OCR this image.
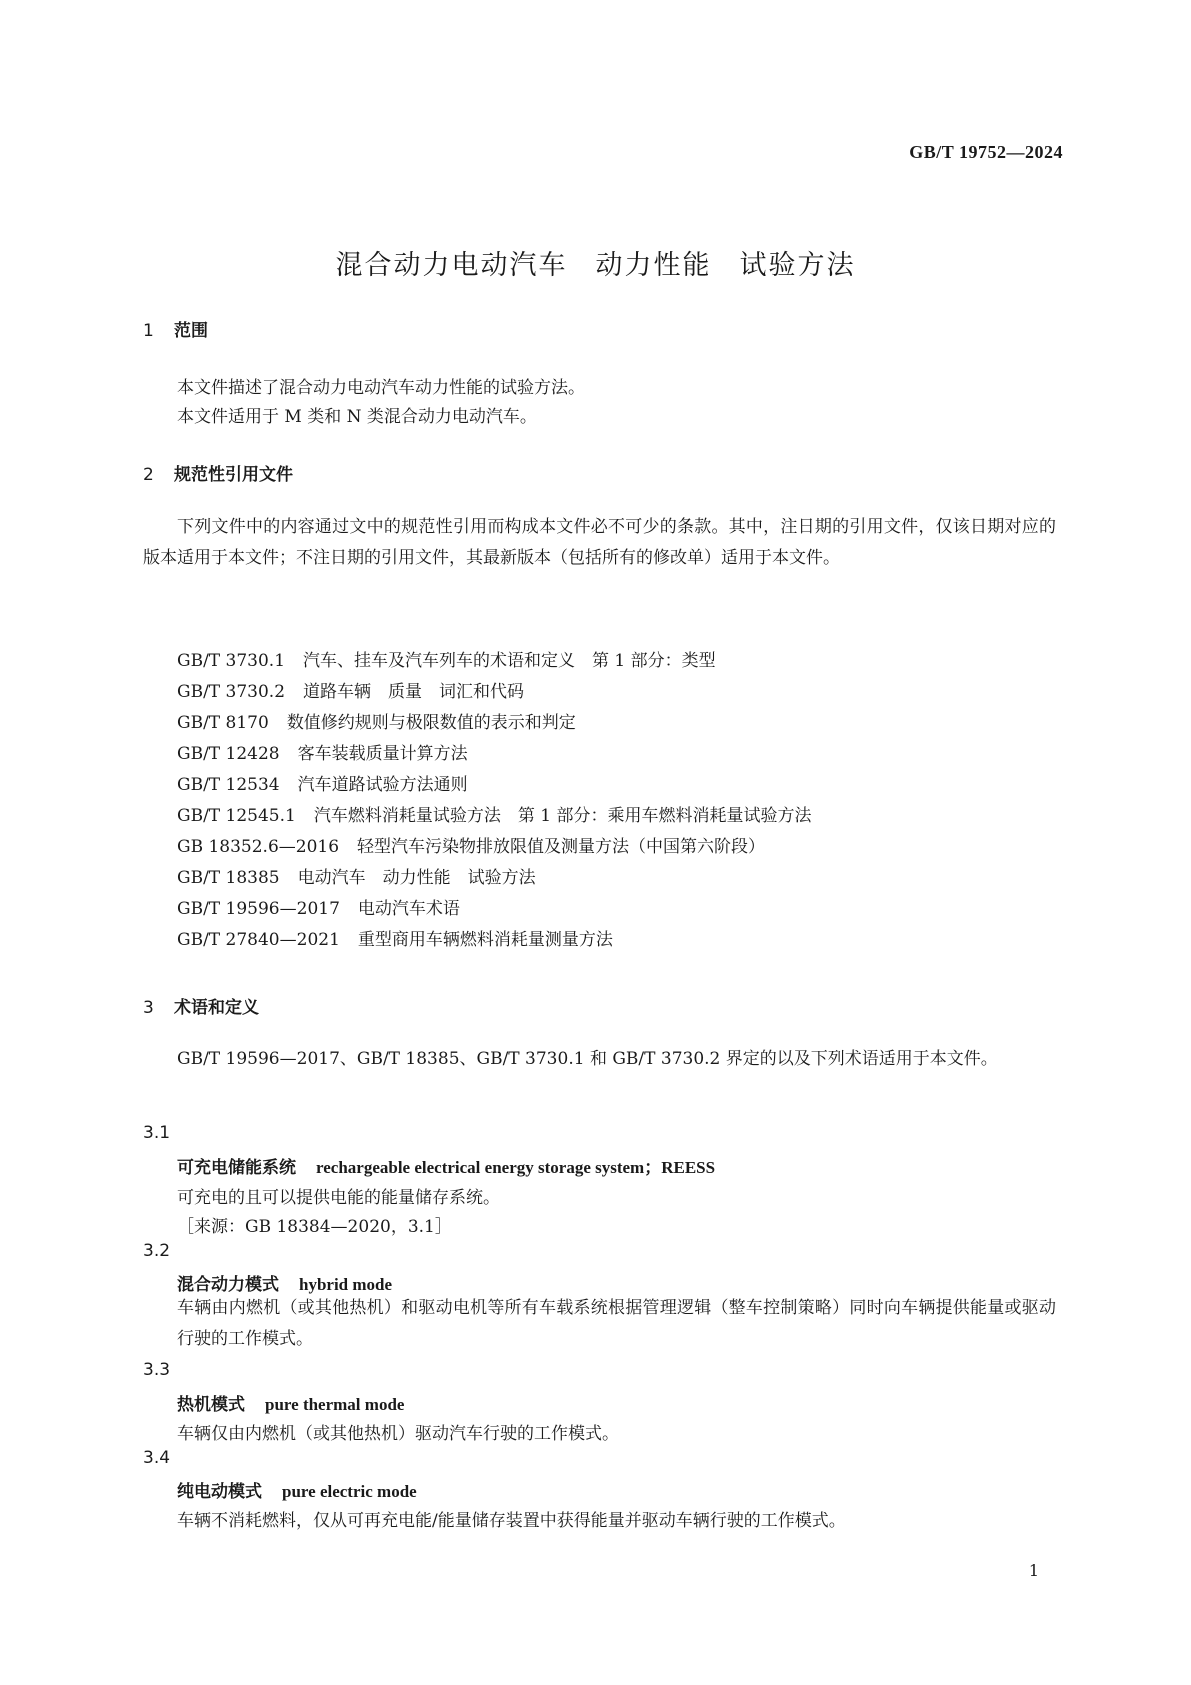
GB/T 19752—2024
混合动力电动汽车 动力性能 试验方法
1 范围
本文件描述了混合动力电动汽车动力性能的试验方法。
本文件适用于 M 类和 N 类混合动力电动汽车。
2 规范性引用文件
下列文件中的内容通过文中的规范性引用而构成本文件必不可少的条款。其中，注日期的引用文件，仅该日期对应的版本适用于本文件；不注日期的引用文件，其最新版本（包括所有的修改单）适用于本文件。
GB/T 3730.1 汽车、挂车及汽车列车的术语和定义　第 1 部分：类型
GB/T 3730.2 道路车辆　质量　词汇和代码
GB/T 8170 数值修约规则与极限数值的表示和判定
GB/T 12428 客车装载质量计算方法
GB/T 12534 汽车道路试验方法通则
GB/T 12545.1 汽车燃料消耗量试验方法　第 1 部分：乘用车燃料消耗量试验方法
GB 18352.6—2016 轻型汽车污染物排放限值及测量方法（中国第六阶段）
GB/T 18385 电动汽车　动力性能　试验方法
GB/T 19596—2017 电动汽车术语
GB/T 27840—2021 重型商用车辆燃料消耗量测量方法
3 术语和定义
GB/T 19596—2017、GB/T 18385、GB/T 3730.1 和 GB/T 3730.2 界定的以及下列术语适用于本文件。
3.1
可充电储能系统 rechargeable electrical energy storage system；REESS
可充电的且可以提供电能的能量储存系统。
［来源：GB 18384—2020，3.1］
3.2
混合动力模式 hybrid mode
车辆由内燃机（或其他热机）和驱动电机等所有车载系统根据管理逻辑（整车控制策略）同时向车辆提供能量或驱动行驶的工作模式。
3.3
热机模式 pure thermal mode
车辆仅由内燃机（或其他热机）驱动汽车行驶的工作模式。
3.4
纯电动模式 pure electric mode
车辆不消耗燃料，仅从可再充电能/能量储存装置中获得能量并驱动车辆行驶的工作模式。
1
